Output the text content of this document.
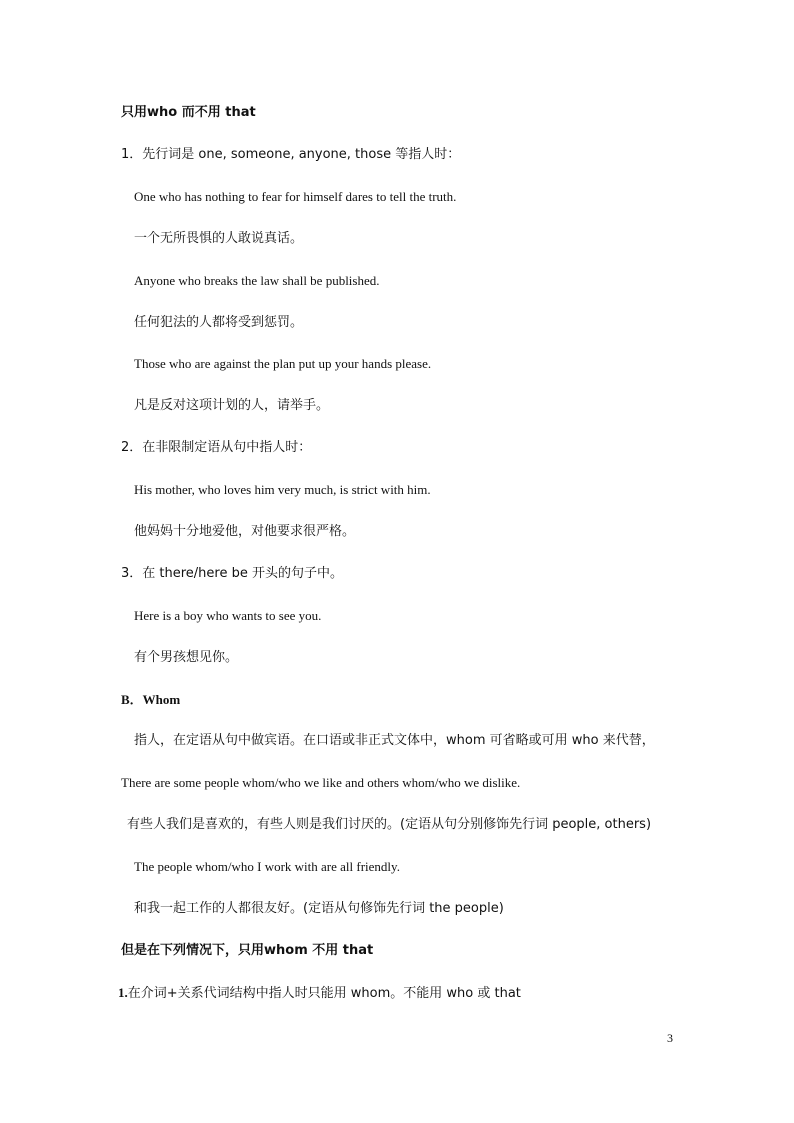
只用who 而不用 that
1．先行词是 one, someone, anyone, those 等指人时：
One who has nothing to fear for himself dares to tell the truth.
一个无所畏惧的人敢说真话。
Anyone who breaks the law shall be published.
任何犯法的人都将受到惩罚。
Those who are against the plan put up your hands please.
凡是反对这项计划的人，请举手。
2．在非限制定语从句中指人时：
His mother, who loves him very much, is strict with him.
他妈妈十分地爱他，对他要求很严格。
3．在 there/here be 开头的句子中。
Here is a boy who wants to see you.
有个男孩想见你。
B．Whom
指人，在定语从句中做宾语。在口语或非正式文体中，whom 可省略或可用 who 来代替，
There are some people whom/who we like and others whom/who we dislike.
有些人我们是喜欢的，有些人则是我们讨厌的。(定语从句分别修饰先行词 people, others)
The people whom/who I work with are all friendly.
和我一起工作的人都很友好。(定语从句修饰先行词 the people)
但是在下列情况下，只用whom 不用 that
1.在介词+关系代词结构中指人时只能用 whom。不能用 who 或 that
3
